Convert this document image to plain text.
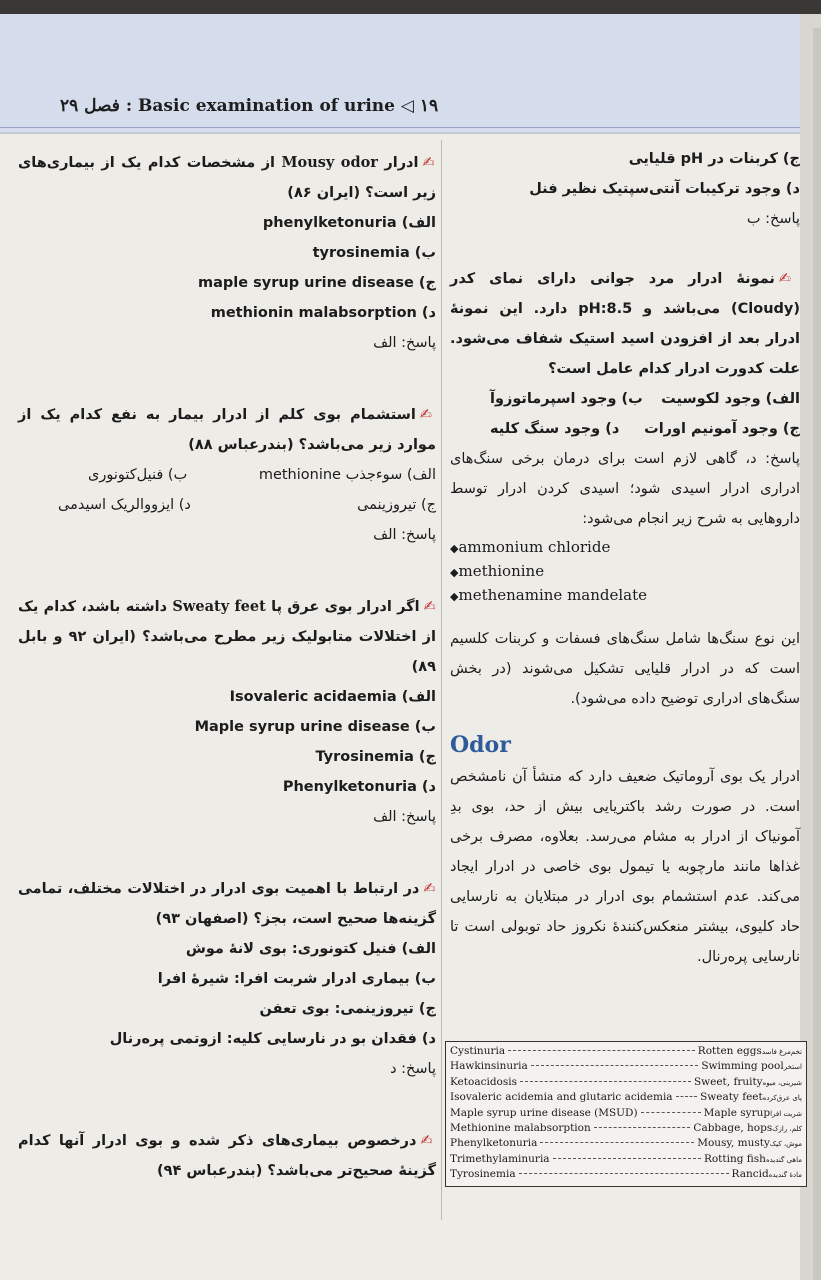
فصل ۲۹ : Basic examination of urine ◁ ۱۹
✍ادرار Mousy odor از مشخصات کدام یک از بیماری‌های زیر است؟ (ایران ۸۶)
الف) phenylketonuria
ب) tyrosinemia
ج) maple syrup urine disease
د) methionin malabsorption
پاسخ: الف
✍استشمام بوی کلم از ادرار بیمار به نفع کدام یک از موارد زیر می‌باشد؟ (بندرعباس ۸۸)
الف) سوءجذب methionine
ب) فنیل‌کتونوری
ج) تیروزینمی
د) ایزووالریک اسیدمی
پاسخ: الف
✍اگر ادرار بوی عرق پا Sweaty feet داشته باشد، کدام یک از اختلالات متابولیک زیر مطرح می‌باشد؟ (ایران ۹۲ و بابل ۸۹)
الف) Isovaleric acidaemia
ب) Maple syrup urine disease
ج) Tyrosinemia
د) Phenylketonuria
پاسخ: الف
✍در ارتباط با اهمیت بوی ادرار در اختلالات مختلف، تمامی گزینه‌ها صحیح است، بجز؟ (اصفهان ۹۳)
الف) فنیل کتونوری: بوی لانهٔ موش
ب) بیماری ادرار شربت افرا: شیرهٔ افرا
ج) تیروزینمی: بوی تعفن
د) فقدان بو در نارسایی کلیه: ازوتمی پره‌رنال
پاسخ: د
✍درخصوص بیماری‌های ذکر شده و بوی ادرار آنها کدام گزینهٔ صحیح‌تر می‌باشد؟ (بندرعباس ۹۴)
ج) کربنات در pH قلیایی
د) وجود ترکیبات آنتی‌سپتیک نظیر فنل
پاسخ: ب
✍نمونهٔ ادرار مرد جوانی دارای نمای کدر (Cloudy) می‌باشد و pH:8.5 دارد. این نمونهٔ ادرار بعد از افزودن اسید استیک شفاف می‌شود. علت کدورت ادرار کدام عامل است؟
الف) وجود لکوسیت
ب) وجود اسپرماتوزوآ
ج) وجود آمونیم اورات
د) وجود سنگ کلیه
پاسخ: د، گاهی لازم است برای درمان برخی سنگ‌های ادراری ادرار اسیدی شود؛ اسیدی کردن ادرار توسط داروهایی به شرح زیر انجام می‌شود:
◆ ammonium chloride
◆ methionine
◆ methenamine mandelate
این نوع سنگ‌ها شامل سنگ‌های فسفات و کربنات کلسیم است که در ادرار قلیایی تشکیل می‌شوند (در بخش سنگ‌های ادراری توضیح داده می‌شود).
Odor
ادرار یک بوی آروماتیک ضعیف دارد که منشأ آن نامشخص است. در صورت رشد باکتریایی بیش از حد، بوی بدِ آمونیاک از ادرار به مشام می‌رسد. بعلاوه، مصرف برخی غذاها مانند مارچوبه یا تیمول بوی خاصی در ادرار ایجاد می‌کند. عدم استشمام بوی ادرار در مبتلایان به نارسایی حاد کلیوی، بیشتر منعکس‌کنندهٔ نکروز حاد توبولی است تا نارسایی پره‌رنال.
Cystinuria	Rotten eggsتخم‌مرغ فاسد
Hawkinsinuria	Swimming poolاستخر
Ketoacidosis	Sweet, fruityشیرینی، میوه
Isovaleric acidemia and glutaric acidemia	Sweaty feetپای عرق‌کرده
Maple syrup urine disease (MSUD)	Maple syrupشربت افرا
Methionine malabsorption	Cabbage, hopsکلم، رازک
Phenylketonuria	Mousy, mustyموش، کپک
Trimethylaminuria	Rotting fishماهی گندیده
Tyrosinemia	Rancidمادهٔ گندیده
